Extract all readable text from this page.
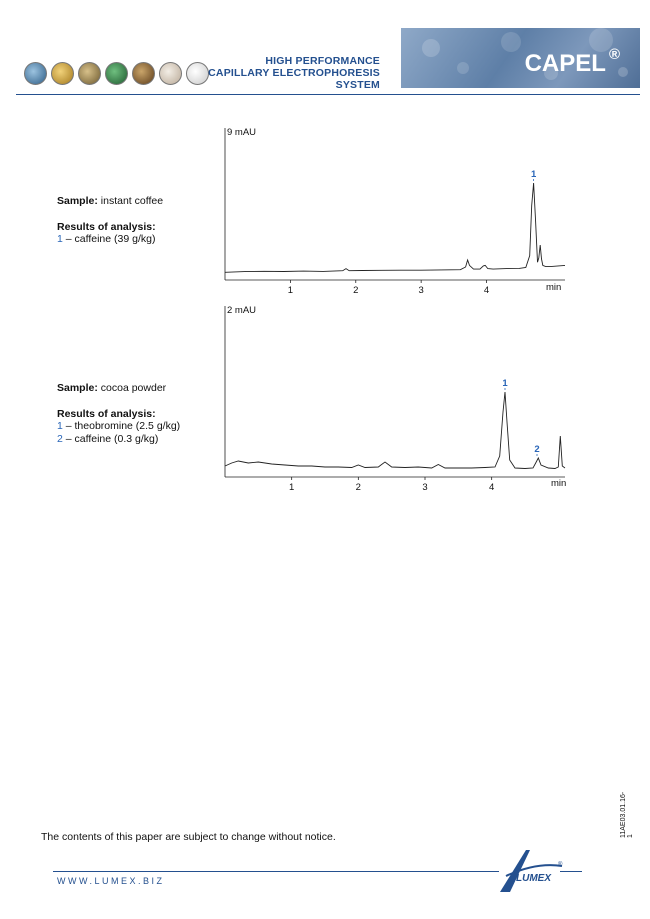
HIGH PERFORMANCE
CAPILLARY ELECTROPHORESIS
SYSTEM
CAPEL ®
Sample: instant coffee
Results of analysis:
1 – caffeine (39 g/kg)
Sample: cocoa powder
Results of analysis:
1 – theobromine (2.5 g/kg)
2 – caffeine (0.3 g/kg)
9 mAU
min
1	2	3	4
1
2 mAU
min
1	2	3	4
1
2
The contents of this paper are subject to change without notice.
WWW.LUMEX.BIZ	LUMEX
®
11AE03.01.16-1
